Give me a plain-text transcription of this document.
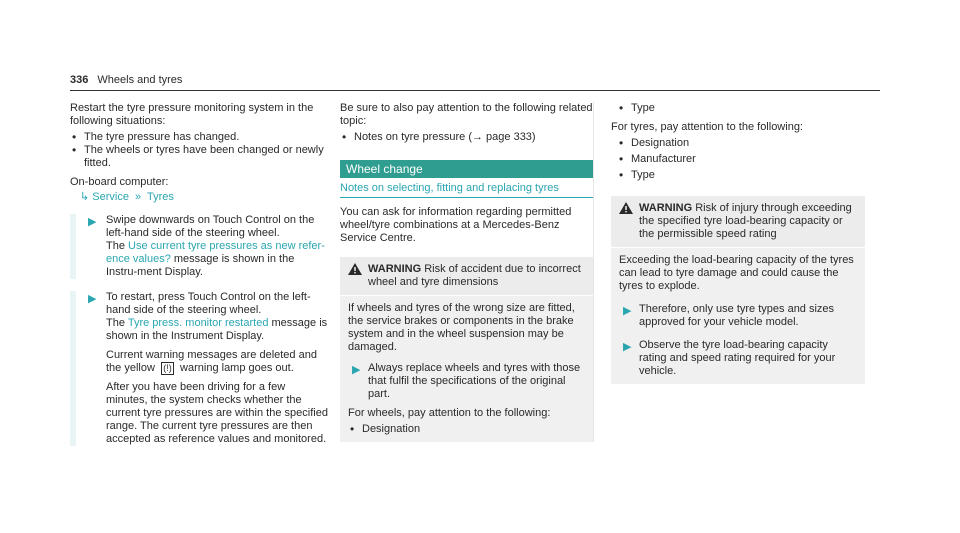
336 Wheels and tyres

Restart the tyre pressure monitoring system in the following situations:

• The tyre pressure has changed.

• The wheels or tyres have been changed or newly fitted.

On-board computer:

↳ Service » Tyres

▶ Swipe downwards on Touch Control on the left-hand side of the steering wheel.

The Use current tyre pressures as new refer-ence values? message is shown in the Instru-ment Display.

▶ To restart, press Touch Control on the left-hand side of the steering wheel.

The Tyre press. monitor restarted message is shown in the Instrument Display.

Current warning messages are deleted and the yellow (!) warning lamp goes out.

After you have been driving for a few minutes, the system checks whether the current tyre pressures are within the specified range. The current tyre pressures are then accepted as reference values and monitored.

Be sure to also pay attention to the following related topic:

• Notes on tyre pressure (→ page 333)

Wheel change
Notes on selecting, fitting and replacing tyres

You can ask for information regarding permitted wheel/tyre combinations at a Mercedes-Benz Service Centre.

WARNING Risk of accident due to incorrect wheel and tyre dimensions

If wheels and tyres of the wrong size are fitted, the service brakes or components in the brake system and in the wheel suspension may be damaged.

▶ Always replace wheels and tyres with those that fulfil the specifications of the original part.

For wheels, pay attention to the following:

• Designation

• Type

For tyres, pay attention to the following:

• Designation

• Manufacturer

• Type

WARNING Risk of injury through exceeding the specified tyre load-bearing capacity or the permissible speed rating

Exceeding the load-bearing capacity of the tyres can lead to tyre damage and could cause the tyres to explode.

▶ Therefore, only use tyre types and sizes approved for your vehicle model.

▶ Observe the tyre load-bearing capacity rating and speed rating required for your vehicle.
